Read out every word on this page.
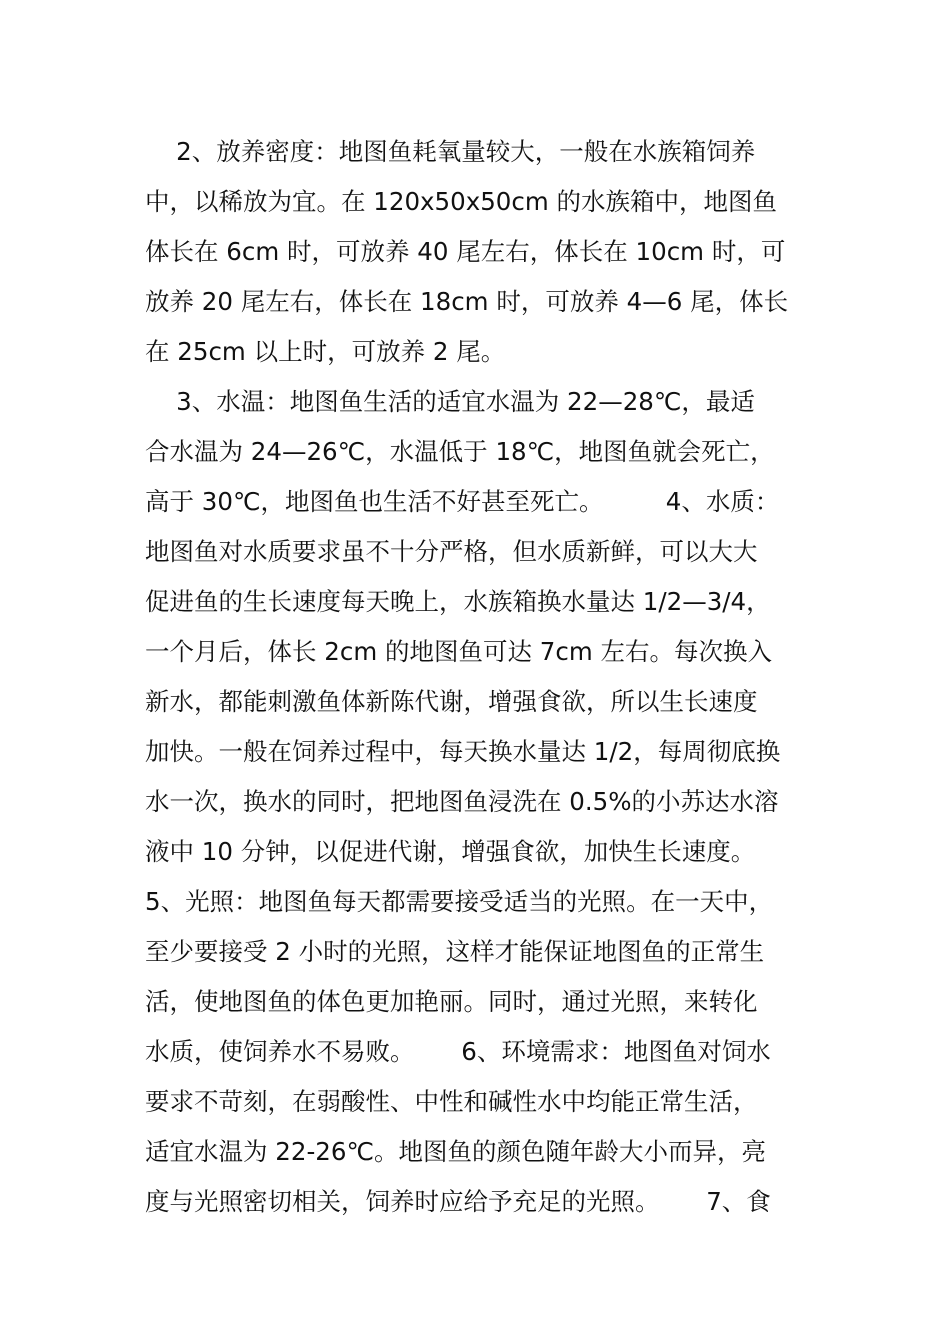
2、放养密度：地图鱼耗氧量较大，一般在水族箱饲养
中，以稀放为宜。在 120x50x50cm 的水族箱中，地图鱼
体长在 6cm 时，可放养 40 尾左右，体长在 10cm 时，可
放养 20 尾左右，体长在 18cm 时，可放养 4—6 尾，体长
在 25cm 以上时，可放养 2 尾。
3、水温：地图鱼生活的适宜水温为 22—28℃，最适
合水温为 24—26℃，水温低于 18℃，地图鱼就会死亡，
高于 30℃，地图鱼也生活不好甚至死亡。        4、水质：
地图鱼对水质要求虽不十分严格，但水质新鲜，可以大大
促进鱼的生长速度每天晚上，水族箱换水量达 1/2—3/4，
一个月后，体长 2cm 的地图鱼可达 7cm 左右。每次换入
新水，都能刺激鱼体新陈代谢，增强食欲，所以生长速度
加快。一般在饲养过程中，每天换水量达 1/2，每周彻底换
水一次，换水的同时，把地图鱼浸洗在 0.5%的小苏达水溶
液中 10 分钟，以促进代谢，增强食欲，加快生长速度。
5、光照：地图鱼每天都需要接受适当的光照。在一天中，
至少要接受 2 小时的光照，这样才能保证地图鱼的正常生
活，使地图鱼的体色更加艳丽。同时，通过光照，来转化
水质，使饲养水不易败。      6、环境需求：地图鱼对饲水
要求不苛刻，在弱酸性、中性和碱性水中均能正常生活，
适宜水温为 22-26℃。地图鱼的颜色随年龄大小而异，亮
度与光照密切相关，饲养时应给予充足的光照。      7、食
